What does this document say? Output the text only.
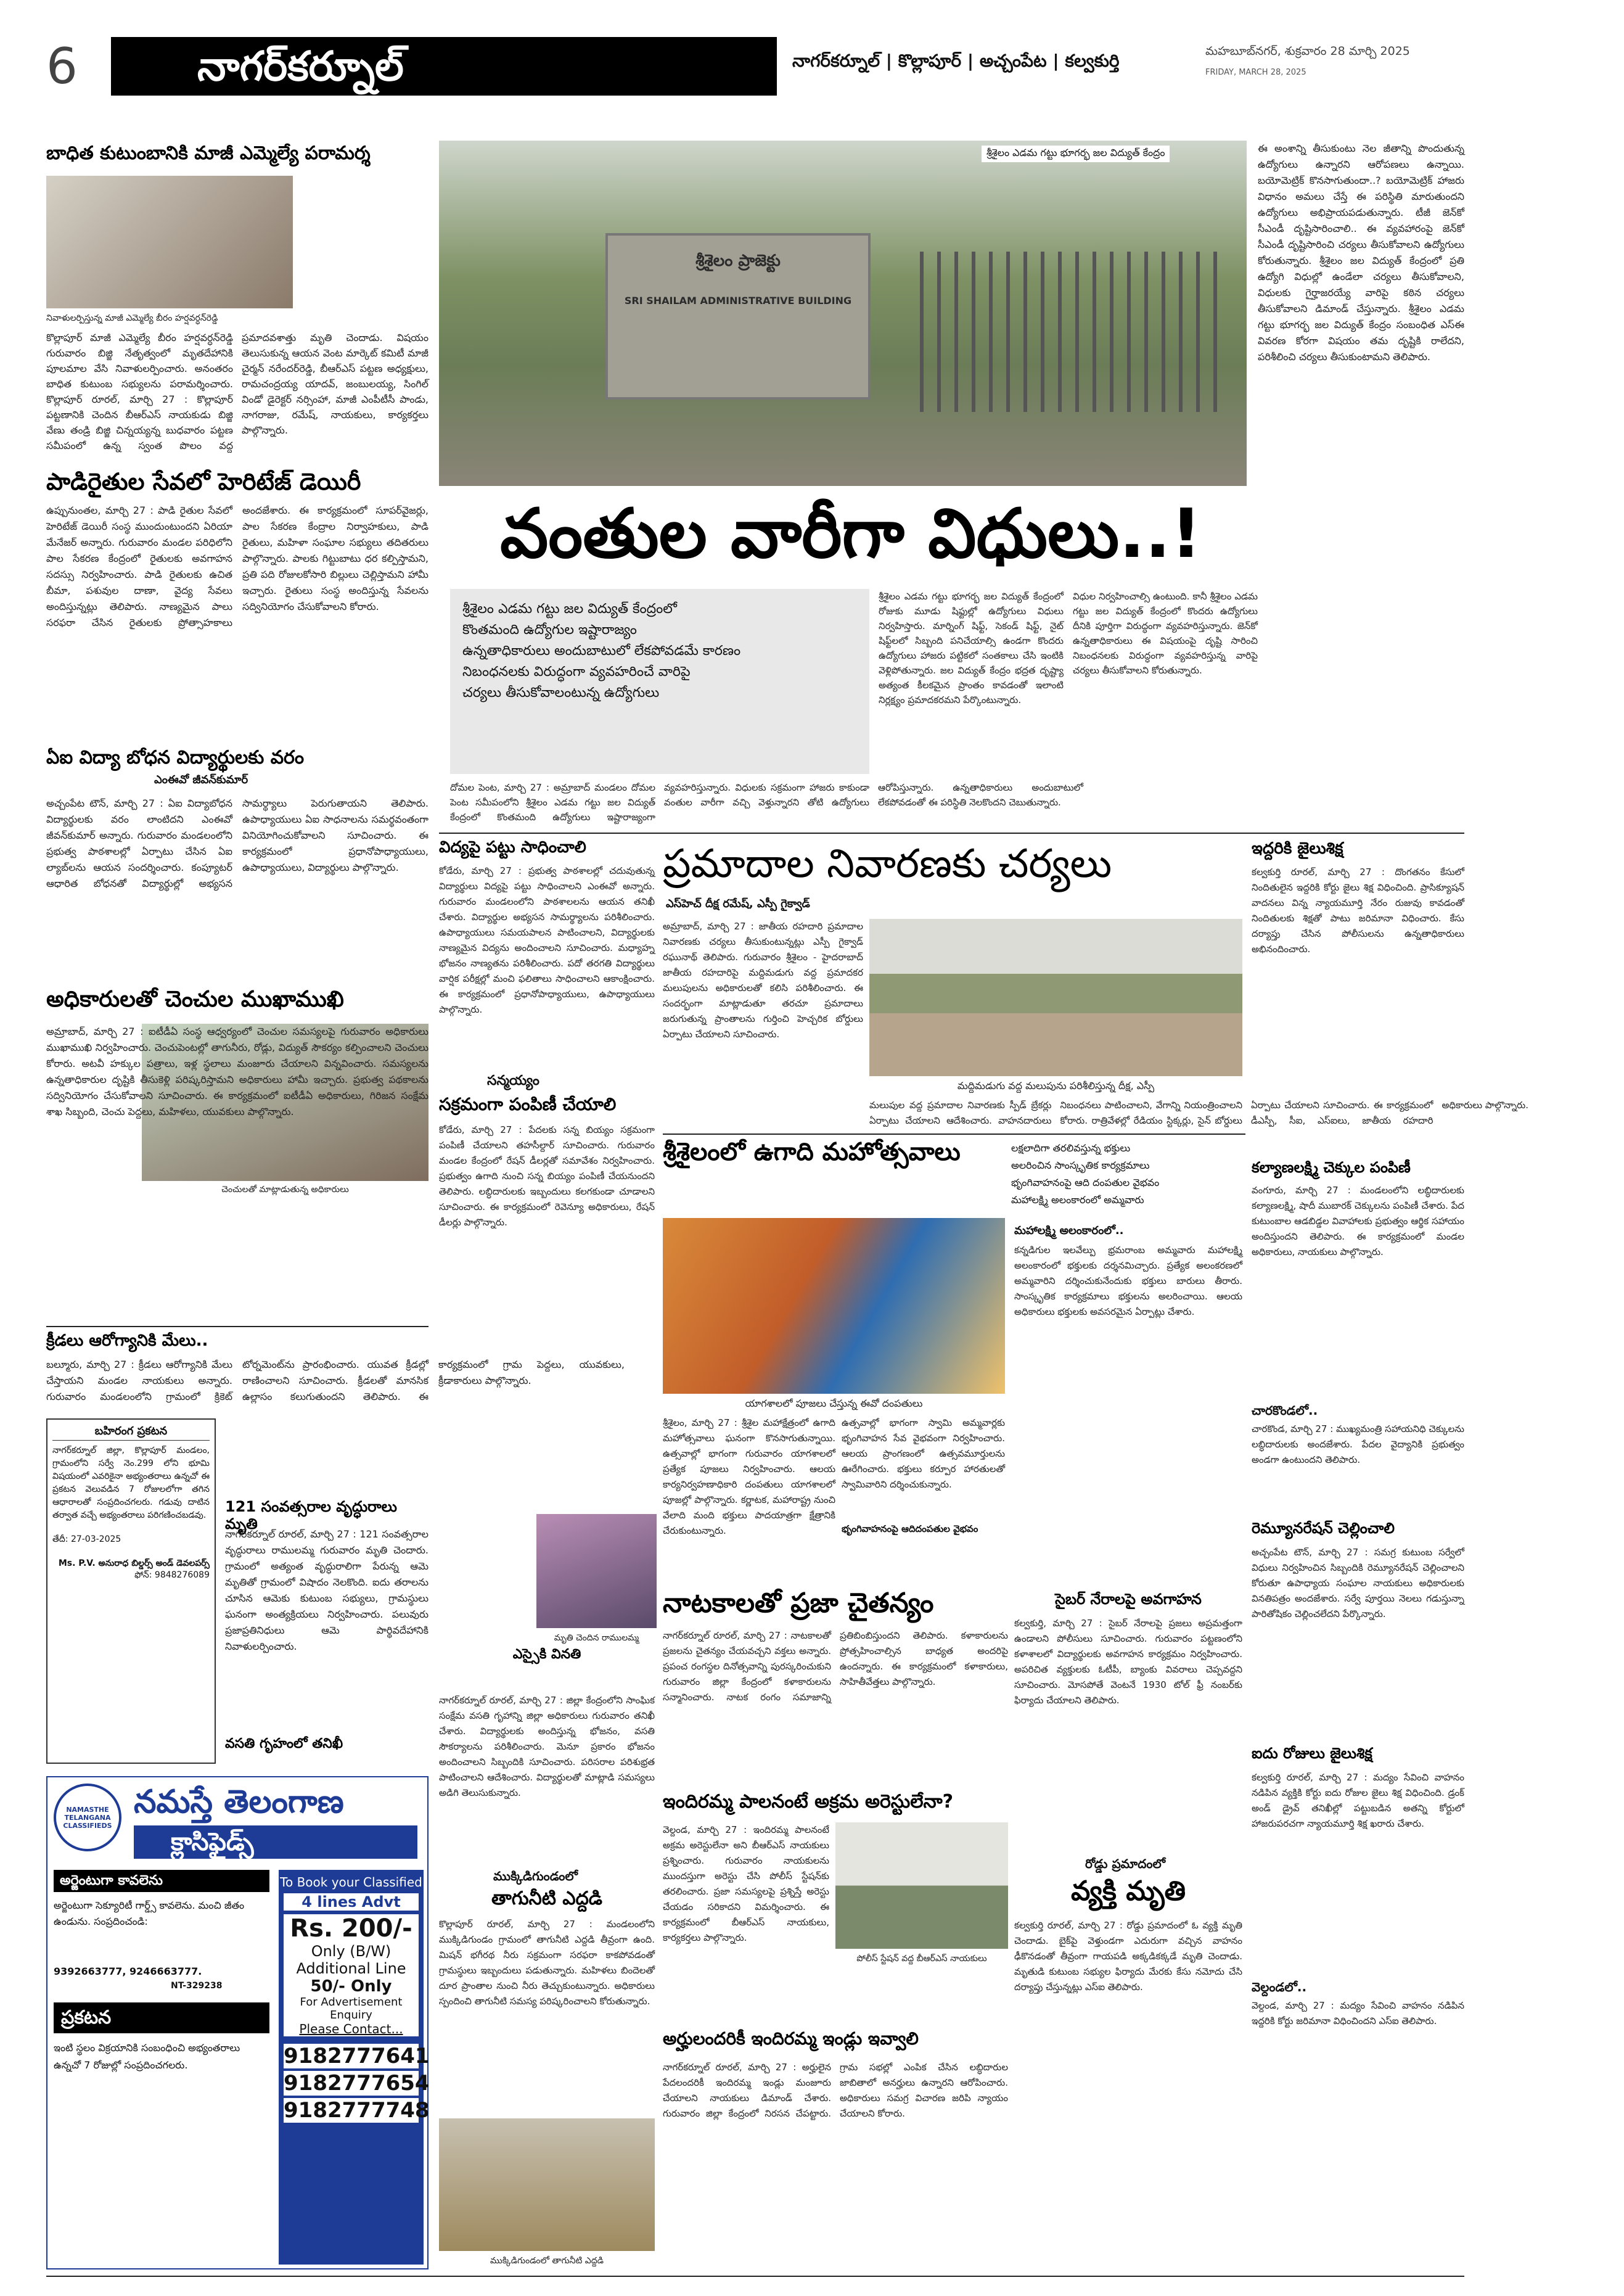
6	నాగర్‌కర్నూల్	నాగర్‌కర్నూల్ | కొల్లాపూర్ | అచ్చంపేట | కల్వకుర్తి	మహబూబ్‌నగర్, శుక్రవారం 28 మార్చి 2025
FRIDAY, MARCH 28, 2025
బాధిత కుటుంబానికి మాజీ ఎమ్మెల్యే పరామర్శ
నివాళులర్పిస్తున్న మాజీ ఎమ్మెల్యే బీరం హర్షవర్ధన్‌రెడ్డి
కొల్లాపూర్ మాజీ ఎమ్మెల్యే బీరం హర్షవర్ధన్‌రెడ్డి గురువారం బిజ్జి నేతృత్వంలో మృతదేహానికి పూలమాల వేసి నివాళులర్పించారు. అనంతరం బాధిత కుటుంబ సభ్యులను పరామర్శించారు. కొల్లాపూర్ రూరల్, మార్చి 27 : కొల్లాపూర్ పట్టణానికి చెందిన బీఆర్ఎస్ నాయకుడు బిజ్జి వేణు తండ్రి బిజ్జి చిన్నయ్యన్న బుధవారం పట్టణ సమీపంలో ఉన్న స్వంత పొలం వద్ద ప్రమాదవశాత్తు మృతి చెందాడు. విషయం తెలుసుకున్న ఆయన వెంట మార్కెట్ కమిటీ మాజీ చైర్మన్ నరేందర్‌రెడ్డి, బీఆర్ఎస్ పట్టణ అధ్యక్షులు, రామచంద్రయ్య యాదవ్, జంబులయ్య, సింగిల్ విండో డైరెక్టర్ నర్సింహా, మాజీ ఎంపీటీసీ పాండు, నాగరాజు, రమేష్, నాయకులు, కార్యకర్తలు పాల్గొన్నారు.
పాడిరైతుల సేవలో హెరిటేజ్ డెయిరీ
ఉప్పునుంతల, మార్చి 27 : పాడి రైతుల సేవలో హెరిటేజ్ డెయిరీ సంస్థ ముందుంటుందని ఏరియా మేనేజర్ అన్నారు. గురువారం మండల పరిధిలోని పాల సేకరణ కేంద్రంలో రైతులకు అవగాహన సదస్సు నిర్వహించారు. పాడి రైతులకు ఉచిత బీమా, పశువుల దాణా, వైద్య సేవలు అందిస్తున్నట్లు తెలిపారు. నాణ్యమైన పాలు సరఫరా చేసిన రైతులకు ప్రోత్సాహకాలు అందజేశారు. ఈ కార్యక్రమంలో సూపర్‌వైజర్లు, పాల సేకరణ కేంద్రాల నిర్వాహకులు, పాడి రైతులు, మహిళా సంఘాల సభ్యులు తదితరులు పాల్గొన్నారు. పాలకు గిట్టుబాటు ధర కల్పిస్తామని, ప్రతి పది రోజులకోసారి బిల్లులు చెల్లిస్తామని హామీ ఇచ్చారు. రైతులు సంస్థ అందిస్తున్న సేవలను సద్వినియోగం చేసుకోవాలని కోరారు.
ఏఐ విద్యా బోధన విద్యార్థులకు వరం
ఎంఈవో జీవన్‌కుమార్
అచ్చంపేట టౌన్, మార్చి 27 : ఏఐ విద్యాబోధన విద్యార్థులకు వరం లాంటిదని ఎంఈవో జీవన్‌కుమార్ అన్నారు. గురువారం మండలంలోని ప్రభుత్వ పాఠశాలల్లో ఏర్పాటు చేసిన ఏఐ ల్యాబ్‌లను ఆయన సందర్శించారు. కంప్యూటర్ ఆధారిత బోధనతో విద్యార్థుల్లో అభ్యసన సామర్థ్యాలు పెరుగుతాయని తెలిపారు. ఉపాధ్యాయులు ఏఐ సాధనాలను సమర్థవంతంగా వినియోగించుకోవాలని సూచించారు. ఈ కార్యక్రమంలో ప్రధానోపాధ్యాయులు, ఉపాధ్యాయులు, విద్యార్థులు పాల్గొన్నారు.
అధికారులతో చెంచుల ముఖాముఖి
చెంచులతో మాట్లాడుతున్న అధికారులు
అమ్రాబాద్, మార్చి 27 : ఐటీడీఏ సంస్థ ఆధ్వర్యంలో చెంచుల సమస్యలపై గురువారం అధికారులు ముఖాముఖి నిర్వహించారు. చెంచుపెంటల్లో తాగునీరు, రోడ్లు, విద్యుత్ సౌకర్యం కల్పించాలని చెంచులు కోరారు. అటవీ హక్కుల పత్రాలు, ఇళ్ల స్థలాలు మంజూరు చేయాలని విన్నవించారు. సమస్యలను ఉన్నతాధికారుల దృష్టికి తీసుకెళ్లి పరిష్కరిస్తామని అధికారులు హామీ ఇచ్చారు. ప్రభుత్వ పథకాలను సద్వినియోగం చేసుకోవాలని సూచించారు. ఈ కార్యక్రమంలో ఐటీడీఏ అధికారులు, గిరిజన సంక్షేమ శాఖ సిబ్బంది, చెంచు పెద్దలు, మహిళలు, యువకులు పాల్గొన్నారు.
క్రీడలు ఆరోగ్యానికి మేలు..
బల్మూరు, మార్చి 27 : క్రీడలు ఆరోగ్యానికి మేలు చేస్తాయని మండల నాయకులు అన్నారు. గురువారం మండలంలోని గ్రామంలో క్రికెట్ టోర్నమెంట్‌ను ప్రారంభించారు. యువత క్రీడల్లో రాణించాలని సూచించారు. క్రీడలతో మానసిక ఉల్లాసం కలుగుతుందని తెలిపారు. ఈ కార్యక్రమంలో గ్రామ పెద్దలు, యువకులు, క్రీడాకారులు పాల్గొన్నారు.
బహిరంగ ప్రకటన
నాగర్‌కర్నూల్ జిల్లా, కొల్లాపూర్ మండలం, గ్రామంలోని సర్వే నెం.299 లోని భూమి విషయంలో ఎవరికైనా అభ్యంతరాలు ఉన్నచో ఈ ప్రకటన వెలువడిన 7 రోజులలోగా తగిన ఆధారాలతో సంప్రదించగలరు. గడువు దాటిన తర్వాత వచ్చే అభ్యంతరాలు పరిగణించబడవు.
తేదీ: 27-03-2025
Ms. P.V. అనురాధ బిల్డర్స్ అండ్ డెవలపర్స్
ఫోన్: 9848276089
NAMASTHE TELANGANA CLASSIFIEDS
నమస్తే తెలంగాణ
క్లాసిఫైడ్స్
అర్జెంటుగా కావలెను
అర్జెంటుగా సెక్యూరిటీ గార్డ్స్ కావలెను. మంచి జీతం ఉండును. సంప్రదించండి:
9392663777, 9246663777.
NT-329238
ప్రకటన
ఇంటి స్థలం విక్రయానికి సంబంధించి అభ్యంతరాలు ఉన్నచో 7 రోజుల్లో సంప్రదించగలరు.
To Book your Classified
4 lines Advt
Rs. 200/-
Only (B/W)
Additional Line
50/- Only
For Advertisement Enquiry
Please Contact...
9182777641
9182777654
9182777748
121 సంవత్సరాల వృద్ధురాలు మృతి
నాగర్‌కర్నూల్ రూరల్, మార్చి 27 : 121 సంవత్సరాల వృద్ధురాలు రాములమ్మ గురువారం మృతి చెందారు. గ్రామంలో అత్యంత వృద్ధురాలిగా పేరున్న ఆమె మృతితో గ్రామంలో విషాదం నెలకొంది. ఐదు తరాలను చూసిన ఆమెకు కుటుంబ సభ్యులు, గ్రామస్థులు ఘనంగా అంత్యక్రియలు నిర్వహించారు. పలువురు ప్రజాప్రతినిధులు ఆమె పార్థివదేహానికి నివాళులర్పించారు.
శ్రీశైలం ప్రాజెక్టు
SRI SHAILAM ADMINISTRATIVE BUILDING
శ్రీశైలం ఎడమ గట్టు భూగర్భ జల విద్యుత్ కేంద్రం
వంతుల వారీగా విధులు..!
శ్రీశైలం ఎడమ గట్టు జల విద్యుత్ కేంద్రంలో
కొంతమంది ఉద్యోగుల ఇష్టారాజ్యం
ఉన్నతాధికారులు అందుబాటులో లేకపోవడమే కారణం
నిబంధనలకు విరుద్ధంగా వ్యవహరించే వారిపై
చర్యలు తీసుకోవాలంటున్న ఉద్యోగులు
దోమల పెంట, మార్చి 27 : అమ్రాబాద్ మండలం దోమల పెంట సమీపంలోని శ్రీశైలం ఎడమ గట్టు జల విద్యుత్ కేంద్రంలో కొంతమంది ఉద్యోగులు ఇష్టారాజ్యంగా వ్యవహరిస్తున్నారు. విధులకు సక్రమంగా హాజరు కాకుండా వంతుల వారీగా వచ్చి వెళ్తున్నారని తోటి ఉద్యోగులు ఆరోపిస్తున్నారు. ఉన్నతాధికారులు అందుబాటులో లేకపోవడంతో ఈ పరిస్థితి నెలకొందని చెబుతున్నారు.
శ్రీశైలం ఎడమ గట్టు భూగర్భ జల విద్యుత్ కేంద్రంలో రోజుకు మూడు షిఫ్టుల్లో ఉద్యోగులు విధులు నిర్వహిస్తారు. మార్నింగ్ షిఫ్ట్, సెకండ్ షిఫ్ట్, నైట్ షిఫ్ట్‌లలో సిబ్బంది పనిచేయాల్సి ఉండగా కొందరు ఉద్యోగులు హాజరు పట్టికలో సంతకాలు చేసి ఇంటికి వెళ్లిపోతున్నారు. జల విద్యుత్ కేంద్రం భద్రత దృష్ట్యా అత్యంత కీలకమైన ప్రాంతం కావడంతో ఇలాంటి నిర్లక్ష్యం ప్రమాదకరమని పేర్కొంటున్నారు.
విధుల నిర్వహించాల్సి ఉంటుంది. కానీ శ్రీశైలం ఎడమ గట్టు జల విద్యుత్ కేంద్రంలో కొందరు ఉద్యోగులు దీనికి పూర్తిగా విరుద్ధంగా వ్యవహరిస్తున్నారు. జెన్‌కో ఉన్నతాధికారులు ఈ విషయంపై దృష్టి సారించి నిబంధనలకు విరుద్ధంగా వ్యవహరిస్తున్న వారిపై చర్యలు తీసుకోవాలని కోరుతున్నారు.
ఈ అంశాన్ని తీసుకుంటు నెల జీతాన్ని పొందుతున్న ఉద్యోగులు ఉన్నారని ఆరోపణలు ఉన్నాయి. బయోమెట్రిక్ కొనసాగుతుందా..? బయోమెట్రిక్ హాజరు విధానం అమలు చేస్తే ఈ పరిస్థితి మారుతుందని ఉద్యోగులు అభిప్రాయపడుతున్నారు. టీజీ జెన్‌కో సీఎండీ దృష్టిసారించాలి.. ఈ వ్యవహారంపై జెన్‌కో సీఎండీ దృష్టిసారించి చర్యలు తీసుకోవాలని ఉద్యోగులు కోరుతున్నారు. శ్రీశైలం జల విద్యుత్ కేంద్రంలో ప్రతి ఉద్యోగి విధుల్లో ఉండేలా చర్యలు తీసుకోవాలని, విధులకు గైర్హాజరయ్యే వారిపై కఠిన చర్యలు తీసుకోవాలని డిమాండ్ చేస్తున్నారు. శ్రీశైలం ఎడమ గట్టు భూగర్భ జల విద్యుత్ కేంద్రం సంబంధిత ఎస్‌ఈ వివరణ కోరగా విషయం తమ దృష్టికి రాలేదని, పరిశీలించి చర్యలు తీసుకుంటామని తెలిపారు.
విద్యపై పట్టు సాధించాలి
కోడేరు, మార్చి 27 : ప్రభుత్వ పాఠశాలల్లో చదువుతున్న విద్యార్థులు విద్యపై పట్టు సాధించాలని ఎంఈవో అన్నారు. గురువారం మండలంలోని పాఠశాలలను ఆయన తనిఖీ చేశారు. విద్యార్థుల అభ్యసన సామర్థ్యాలను పరిశీలించారు. ఉపాధ్యాయులు సమయపాలన పాటించాలని, విద్యార్థులకు నాణ్యమైన విద్యను అందించాలని సూచించారు. మధ్యాహ్న భోజనం నాణ్యతను పరిశీలించారు. పదో తరగతి విద్యార్థులు వార్షిక పరీక్షల్లో మంచి ఫలితాలు సాధించాలని ఆకాంక్షించారు. ఈ కార్యక్రమంలో ప్రధానోపాధ్యాయులు, ఉపాధ్యాయులు పాల్గొన్నారు.
సన్మయ్యం
సక్రమంగా పంపిణీ చేయాలి
కోడేరు, మార్చి 27 : పేదలకు సన్న బియ్యం సక్రమంగా పంపిణీ చేయాలని తహసీల్దార్ సూచించారు. గురువారం మండల కేంద్రంలో రేషన్ డీలర్లతో సమావేశం నిర్వహించారు. ప్రభుత్వం ఉగాది నుంచి సన్న బియ్యం పంపిణీ చేయనుందని తెలిపారు. లబ్ధిదారులకు ఇబ్బందులు కలగకుండా చూడాలని సూచించారు. ఈ కార్యక్రమంలో రెవెన్యూ అధికారులు, రేషన్ డీలర్లు పాల్గొన్నారు.
ప్రమాదాల నివారణకు చర్యలు
ఎస్‌హెచ్ దీక్ష రమేష్, ఎస్పీ గైక్వాడ్
మద్దిమడుగు వద్ద మలుపును పరిశీలిస్తున్న దీక్ష, ఎస్పీ
అమ్రాబాద్, మార్చి 27 : జాతీయ రహదారి ప్రమాదాల నివారణకు చర్యలు తీసుకుంటున్నట్లు ఎస్పీ గైక్వాడ్ రఘునాథ్ తెలిపారు. గురువారం శ్రీశైలం - హైదరాబాద్ జాతీయ రహదారిపై మద్దిమడుగు వద్ద ప్రమాదకర మలుపులను అధికారులతో కలిసి పరిశీలించారు. ఈ సందర్భంగా మాట్లాడుతూ తరచూ ప్రమాదాలు జరుగుతున్న ప్రాంతాలను గుర్తించి హెచ్చరిక బోర్డులు ఏర్పాటు చేయాలని సూచించారు.
మలుపుల వద్ద ప్రమాదాల నివారణకు స్పీడ్ బ్రేకర్లు ఏర్పాటు చేయాలని ఆదేశించారు. వాహనదారులు నిబంధనలు పాటించాలని, వేగాన్ని నియంత్రించాలని కోరారు. రాత్రివేళల్లో రేడియం స్టిక్కర్లు, సైన్ బోర్డులు ఏర్పాటు చేయాలని సూచించారు. ఈ కార్యక్రమంలో డీఎస్పీ, సీఐ, ఎస్‌ఐలు, జాతీయ రహదారి అధికారులు పాల్గొన్నారు.
ఇద్దరికి జైలుశిక్ష
కల్వకుర్తి రూరల్, మార్చి 27 : దొంగతనం కేసులో నిందితులైన ఇద్దరికి కోర్టు జైలు శిక్ష విధించింది. ప్రాసిక్యూషన్ వాదనలు విన్న న్యాయమూర్తి నేరం రుజువు కావడంతో నిందితులకు శిక్షతో పాటు జరిమానా విధించారు. కేసు దర్యాప్తు చేసిన పోలీసులను ఉన్నతాధికారులు అభినందించారు.
కల్యాణలక్ష్మి చెక్కుల పంపిణీ
వంగూరు, మార్చి 27 : మండలంలోని లబ్ధిదారులకు కల్యాణలక్ష్మి, షాదీ ముబారక్ చెక్కులను పంపిణీ చేశారు. పేద కుటుంబాల ఆడబిడ్డల వివాహాలకు ప్రభుత్వం ఆర్థిక సహాయం అందిస్తుందని తెలిపారు. ఈ కార్యక్రమంలో మండల అధికారులు, నాయకులు పాల్గొన్నారు.
చారకొండలో..
చారకొండ, మార్చి 27 : ముఖ్యమంత్రి సహాయనిధి చెక్కులను లబ్ధిదారులకు అందజేశారు. పేదల వైద్యానికి ప్రభుత్వం అండగా ఉంటుందని తెలిపారు.
రెమ్యూనరేషన్ చెల్లించాలి
అచ్చంపేట టౌన్, మార్చి 27 : సమగ్ర కుటుంబ సర్వేలో విధులు నిర్వహించిన సిబ్బందికి రెమ్యూనరేషన్ చెల్లించాలని కోరుతూ ఉపాధ్యాయ సంఘాల నాయకులు అధికారులకు వినతిపత్రం అందజేశారు. సర్వే పూర్తయి నెలలు గడుస్తున్నా పారితోషికం చెల్లించలేదని పేర్కొన్నారు.
ఐదు రోజులు జైలుశిక్ష
కల్వకుర్తి రూరల్, మార్చి 27 : మద్యం సేవించి వాహనం నడిపిన వ్యక్తికి కోర్టు ఐదు రోజుల జైలు శిక్ష విధించింది. డ్రంక్ అండ్ డ్రైవ్ తనిఖీల్లో పట్టుబడిన అతన్ని కోర్టులో హాజరుపరచగా న్యాయమూర్తి శిక్ష ఖరారు చేశారు.
వెల్దండలో..
వెల్దండ, మార్చి 27 : మద్యం సేవించి వాహనం నడిపిన ఇద్దరికి కోర్టు జరిమానా విధించిందని ఎస్‌ఐ తెలిపారు.
శ్రీశైలంలో ఉగాది మహోత్సవాలు	లక్షలాదిగా తరలివస్తున్న భక్తులు
అలరించిన సాంస్కృతిక కార్యక్రమాలు
భృంగివాహనంపై ఆది దంపతుల వైభవం
మహాలక్ష్మి అలంకారంలో అమ్మవారు
యాగశాలలో పూజలు చేస్తున్న ఈవో దంపతులు
శ్రీశైలం, మార్చి 27 : శ్రీశైల మహాక్షేత్రంలో ఉగాది మహోత్సవాలు ఘనంగా కొనసాగుతున్నాయి. ఉత్సవాల్లో భాగంగా గురువారం యాగశాలలో ప్రత్యేక పూజలు నిర్వహించారు. ఆలయ కార్యనిర్వహణాధికారి దంపతులు యాగశాలలో పూజల్లో పాల్గొన్నారు. కర్ణాటక, మహారాష్ట్ర నుంచి వేలాది మంది భక్తులు పాదయాత్రగా క్షేత్రానికి చేరుకుంటున్నారు.	భృంగివాహనంపై ఆదిదంపతుల వైభవం
ఉత్సవాల్లో భాగంగా స్వామి అమ్మవార్లకు భృంగివాహన సేవ వైభవంగా నిర్వహించారు. ఆలయ ప్రాంగణంలో ఉత్సవమూర్తులను ఊరేగించారు. భక్తులు కర్పూర హారతులతో స్వామివారిని దర్శించుకున్నారు.
మహాలక్ష్మి అలంకారంలో..
కన్నడిగుల ఇలవేల్పు భ్రమరాంబ అమ్మవారు మహాలక్ష్మి అలంకారంలో భక్తులకు దర్శనమిచ్చారు. ప్రత్యేక అలంకరణలో అమ్మవారిని దర్శించుకునేందుకు భక్తులు బారులు తీరారు. సాంస్కృతిక కార్యక్రమాలు భక్తులను అలరించాయి. ఆలయ అధికారులు భక్తులకు అవసరమైన ఏర్పాట్లు చేశారు.
వసతి గృహంలో తనిఖీ
మృతి చెందిన రాములమ్మ
నాగర్‌కర్నూల్ రూరల్, మార్చి 27 : జిల్లా కేంద్రంలోని సాంఘిక సంక్షేమ వసతి గృహాన్ని జిల్లా అధికారులు గురువారం తనిఖీ చేశారు. విద్యార్థులకు అందిస్తున్న భోజనం, వసతి సౌకర్యాలను పరిశీలించారు. మెనూ ప్రకారం భోజనం అందించాలని సిబ్బందికి సూచించారు. పరిసరాల పరిశుభ్రత పాటించాలని ఆదేశించారు. విద్యార్థులతో మాట్లాడి సమస్యలు అడిగి తెలుసుకున్నారు.
ముక్కిడిగుండంలో
తాగునీటి ఎద్దడి
కొల్లాపూర్ రూరల్, మార్చి 27 : మండలంలోని ముక్కిడిగుండం గ్రామంలో తాగునీటి ఎద్దడి తీవ్రంగా ఉంది. మిషన్ భగీరథ నీరు సక్రమంగా సరఫరా కాకపోవడంతో గ్రామస్థులు ఇబ్బందులు పడుతున్నారు. మహిళలు బిందెలతో దూర ప్రాంతాల నుంచి నీరు తెచ్చుకుంటున్నారు. అధికారులు స్పందించి తాగునీటి సమస్య పరిష్కరించాలని కోరుతున్నారు.
ముక్కిడిగుండంలో తాగునీటి ఎద్దడి
నాటకాలతో ప్రజా చైతన్యం
నాగర్‌కర్నూల్ రూరల్, మార్చి 27 : నాటకాలతో ప్రజలను చైతన్యం చేయవచ్చని వక్తలు అన్నారు. ప్రపంచ రంగస్థల దినోత్సవాన్ని పురస్కరించుకుని గురువారం జిల్లా కేంద్రంలో కళాకారులను సన్మానించారు. నాటక రంగం సమాజాన్ని ప్రతిబింబిస్తుందని తెలిపారు. కళాకారులను ప్రోత్సహించాల్సిన బాధ్యత అందరిపై ఉందన్నారు. ఈ కార్యక్రమంలో కళాకారులు, సాహితీవేత్తలు పాల్గొన్నారు.
ఇందిరమ్మ పాలనంటే అక్రమ అరెస్టులేనా?
వెల్దండ, మార్చి 27 : ఇందిరమ్మ పాలనంటే అక్రమ అరెస్టులేనా అని బీఆర్ఎస్ నాయకులు ప్రశ్నించారు. గురువారం నాయకులను ముందస్తుగా అరెస్టు చేసి పోలీస్ స్టేషన్‌కు తరలించారు. ప్రజా సమస్యలపై ప్రశ్నిస్తే అరెస్టు చేయడం సరికాదని విమర్శించారు. ఈ కార్యక్రమంలో బీఆర్ఎస్ నాయకులు, కార్యకర్తలు పాల్గొన్నారు.
పోలీస్ స్టేషన్ వద్ద బీఆర్ఎస్ నాయకులు
అర్హులందరికీ ఇందిరమ్మ ఇండ్లు ఇవ్వాలి
నాగర్‌కర్నూల్ రూరల్, మార్చి 27 : అర్హులైన పేదలందరికీ ఇందిరమ్మ ఇండ్లు మంజూరు చేయాలని నాయకులు డిమాండ్ చేశారు. గురువారం జిల్లా కేంద్రంలో నిరసన చేపట్టారు. గ్రామ సభల్లో ఎంపిక చేసిన లబ్ధిదారుల జాబితాలో అనర్హులు ఉన్నారని ఆరోపించారు. అధికారులు సమగ్ర విచారణ జరిపి న్యాయం చేయాలని కోరారు.
సైబర్ నేరాలపై అవగాహన
కల్వకుర్తి, మార్చి 27 : సైబర్ నేరాలపై ప్రజలు అప్రమత్తంగా ఉండాలని పోలీసులు సూచించారు. గురువారం పట్టణంలోని కళాశాలలో విద్యార్థులకు అవగాహన కార్యక్రమం నిర్వహించారు. అపరిచిత వ్యక్తులకు ఓటీపీ, బ్యాంకు వివరాలు చెప్పవద్దని సూచించారు. మోసపోతే వెంటనే 1930 టోల్ ఫ్రీ నంబర్‌కు ఫిర్యాదు చేయాలని తెలిపారు.
రోడ్డు ప్రమాదంలో
వ్యక్తి మృతి
కల్వకుర్తి రూరల్, మార్చి 27 : రోడ్డు ప్రమాదంలో ఓ వ్యక్తి మృతి చెందాడు. బైక్‌పై వెళ్తుండగా ఎదురుగా వచ్చిన వాహనం ఢీకొనడంతో తీవ్రంగా గాయపడి అక్కడికక్కడే మృతి చెందాడు. మృతుడి కుటుంబ సభ్యుల ఫిర్యాదు మేరకు కేసు నమోదు చేసి దర్యాప్తు చేస్తున్నట్లు ఎస్‌ఐ తెలిపారు.
ఎస్సైకి వినతి
